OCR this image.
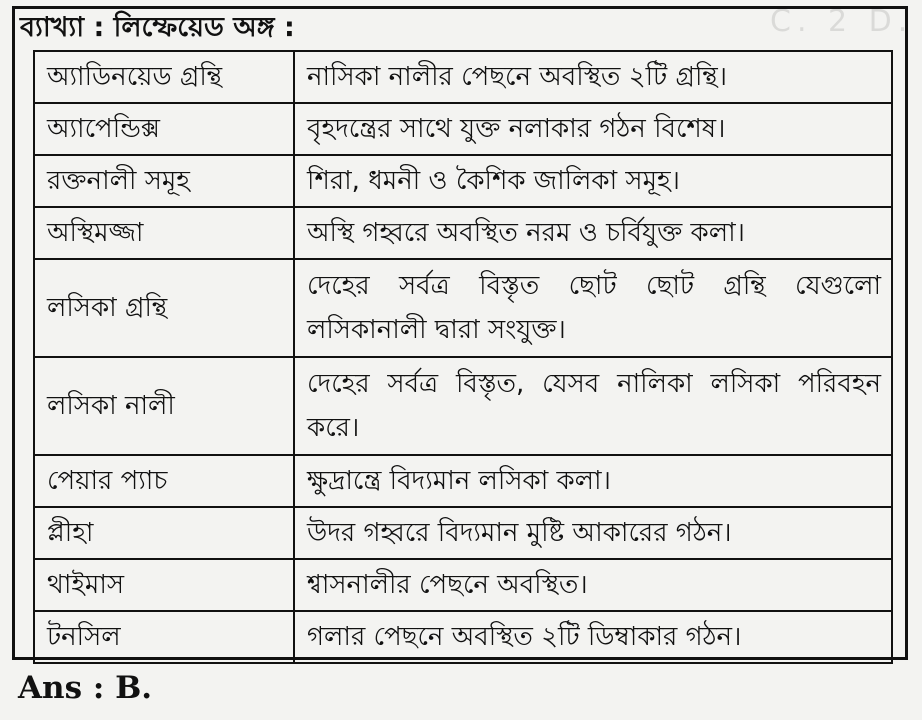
C. 2 D.
ব্যাখ্যা : লিম্ফেয়েড অঙ্গ :
অ্যাডিনয়েড গ্রন্থি	নাসিকা নালীর পেছনে অবস্থিত ২টি গ্রন্থি।
অ্যাপেন্ডিক্স	বৃহদন্ত্রের সাথে যুক্ত নলাকার গঠন বিশেষ।
রক্তনালী সমূহ	শিরা, ধমনী ও কৈশিক জালিকা সমূহ।
অস্থিমজ্জা	অস্থি গহ্বরে অবস্থিত নরম ও চর্বিযুক্ত কলা।
লসিকা গ্রন্থি	দেহের সর্বত্র বিস্তৃত ছোট ছোট গ্রন্থি যেগুলো লসিকানালী দ্বারা সংযুক্ত।
লসিকা নালী	দেহের সর্বত্র বিস্তৃত, যেসব নালিকা লসিকা পরিবহন করে।
পেয়ার প্যাচ	ক্ষুদ্রান্ত্রে বিদ্যমান লসিকা কলা।
প্লীহা	উদর গহ্বরে বিদ্যমান মুষ্টি আকারের গঠন।
থাইমাস	শ্বাসনালীর পেছনে অবস্থিত।
টনসিল	গলার পেছনে অবস্থিত ২টি ডিম্বাকার গঠন।
Ans : B.
